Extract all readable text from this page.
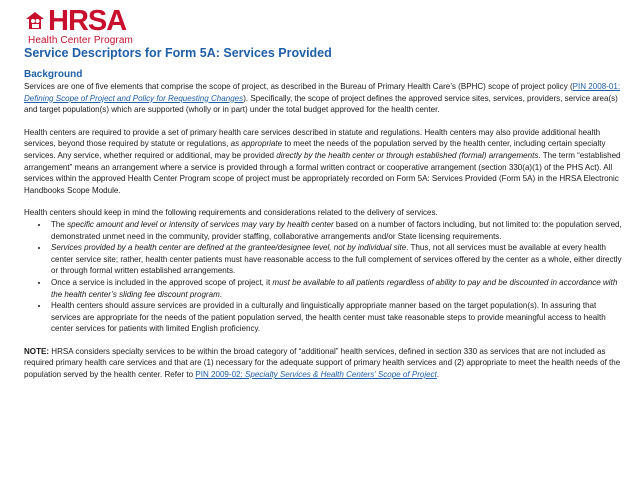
HRSA
Health Center Program
Service Descriptors for Form 5A: Services Provided
Background

Services are one of five elements that comprise the scope of project, as described in the Bureau of Primary Health Care’s (BPHC) scope of project policy (PIN 2008-01: Defining Scope of Project and Policy for Requesting Changes). Specifically, the scope of project defines the approved service sites, services, providers, service area(s) and target population(s) which are supported (wholly or in part) under the total budget approved for the health center.

Health centers are required to provide a set of primary health care services described in statute and regulations. Health centers may also provide additional health services, beyond those required by statute or regulations, as appropriate to meet the needs of the population served by the health center, including certain specialty services. Any service, whether required or additional, may be provided directly by the health center or through established (formal) arrangements. The term “established arrangement” means an arrangement where a service is provided through a formal written contract or cooperative arrangement (section 330(a)(1) of the PHS Act). All services within the approved Health Center Program scope of project must be appropriately recorded on Form 5A: Services Provided (Form 5A) in the HRSA Electronic Handbooks Scope Module.

Health centers should keep in mind the following requirements and considerations related to the delivery of services.

• The specific amount and level or intensity of services may vary by health center based on a number of factors including, but not limited to: the population served, demonstrated unmet need in the community, provider staffing, collaborative arrangements and/or State licensing requirements.
• Services provided by a health center are defined at the grantee/designee level, not by individual site. Thus, not all services must be available at every health center service site; rather, health center patients must have reasonable access to the full complement of services offered by the center as a whole, either directly or through formal written established arrangements.
• Once a service is included in the approved scope of project, it must be available to all patients regardless of ability to pay and be discounted in accordance with the health center’s sliding fee discount program.
• Health centers should assure services are provided in a culturally and linguistically appropriate manner based on the target population(s). In assuring that services are appropriate for the needs of the patient population served, the health center must take reasonable steps to provide meaningful access to health center services for patients with limited English proficiency.

NOTE: HRSA considers specialty services to be within the broad category of “additional” health services, defined in section 330 as services that are not included as required primary health care services and that are (1) necessary for the adequate support of primary health services and (2) appropriate to meet the health needs of the population served by the health center. Refer to PIN 2009-02: Specialty Services & Health Centers’ Scope of Project.
